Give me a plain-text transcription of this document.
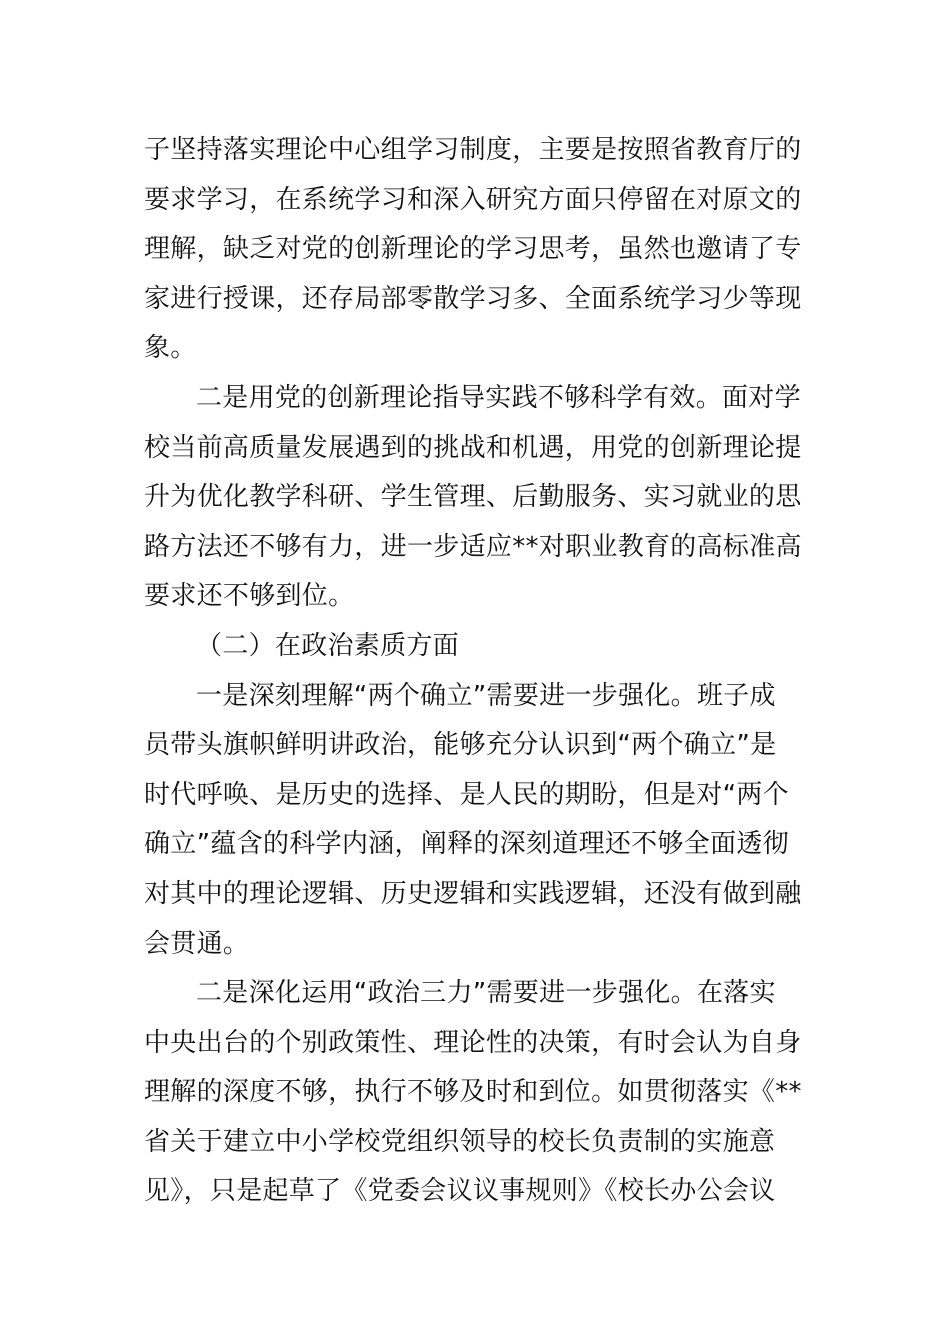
子坚持落实理论中心组学习制度，主要是按照省教育厅的
要求学习，在系统学习和深入研究方面只停留在对原文的
理解，缺乏对党的创新理论的学习思考，虽然也邀请了专
家进行授课，还存局部零散学习多、全面系统学习少等现
象。
二是用党的创新理论指导实践不够科学有效。面对学
校当前高质量发展遇到的挑战和机遇，用党的创新理论提
升为优化教学科研、学生管理、后勤服务、实习就业的思
路方法还不够有力，进一步适应**对职业教育的高标准高
要求还不够到位。
（二）在政治素质方面
一是深刻理解“两个确立”需要进一步强化。班子成
员带头旗帜鲜明讲政治，能够充分认识到“两个确立”是
时代呼唤、是历史的选择、是人民的期盼，但是对“两个
确立”蕴含的科学内涵，阐释的深刻道理还不够全面透彻
对其中的理论逻辑、历史逻辑和实践逻辑，还没有做到融
会贯通。
二是深化运用“政治三力”需要进一步强化。在落实
中央出台的个别政策性、理论性的决策，有时会认为自身
理解的深度不够，执行不够及时和到位。如贯彻落实《**
省关于建立中小学校党组织领导的校长负责制的实施意
见》，只是起草了《党委会议议事规则》《校长办公会议
